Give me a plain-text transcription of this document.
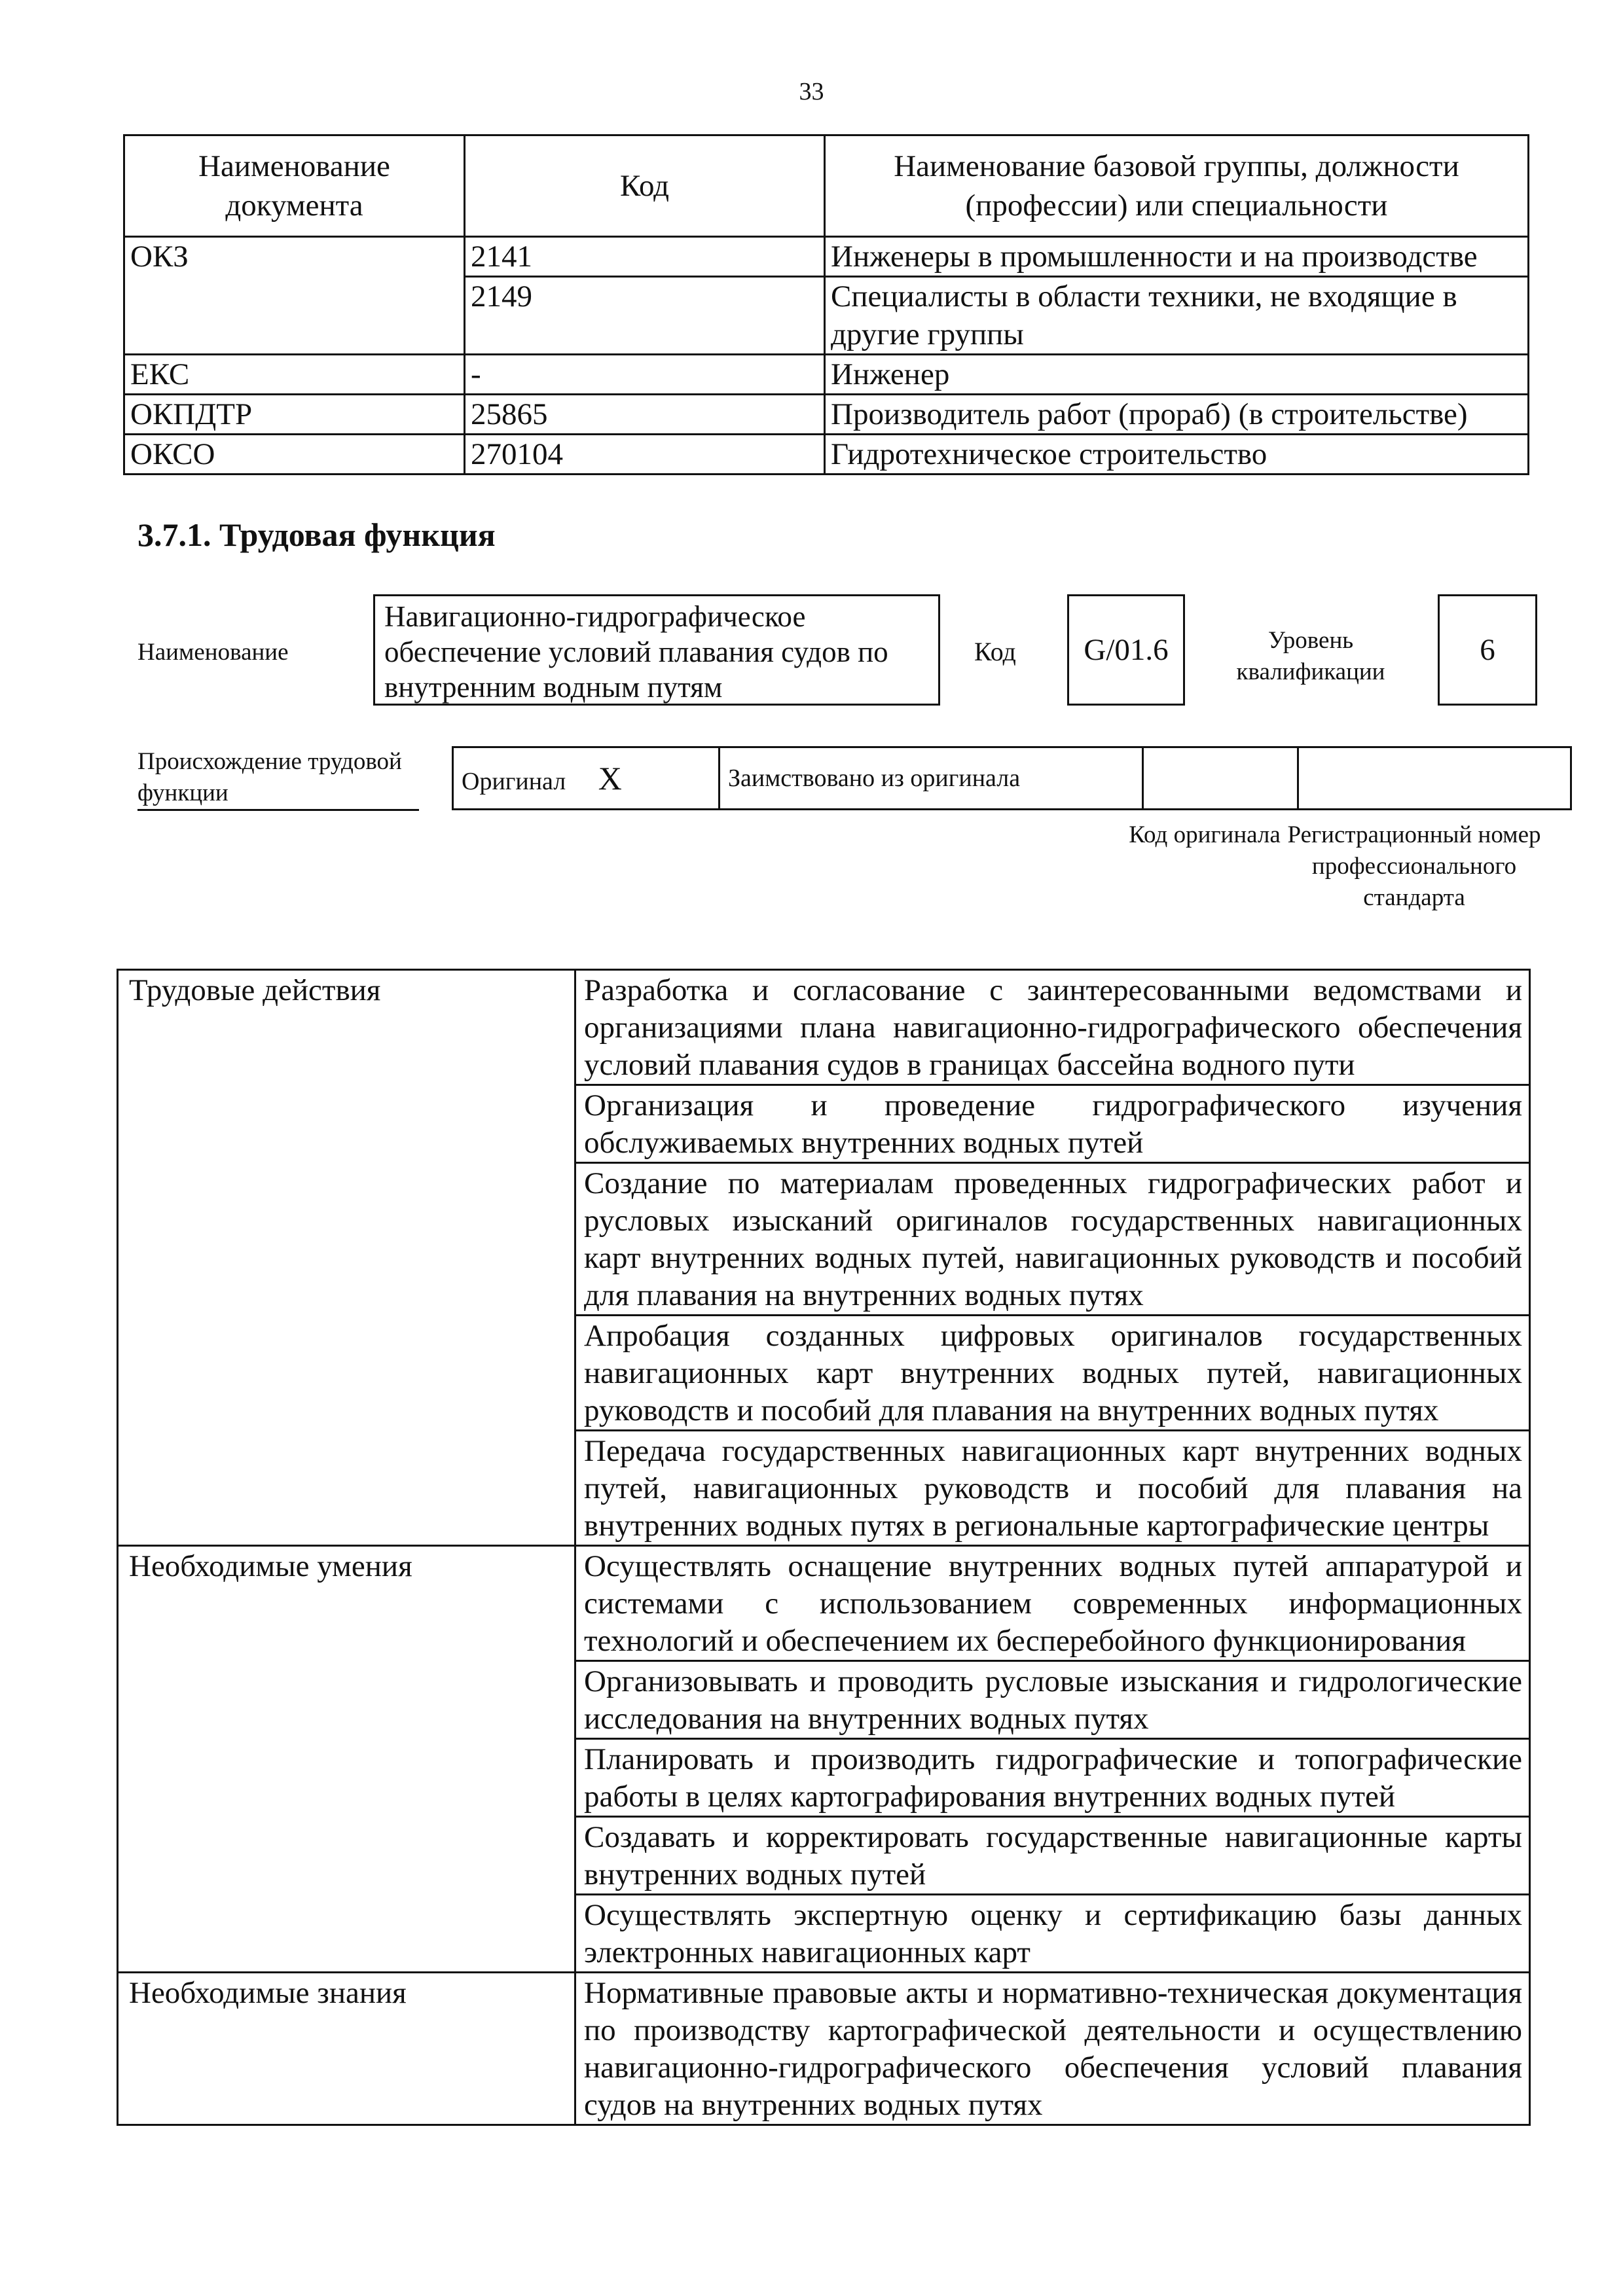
33
Наименование документа	Код	Наименование базовой группы, должности (профессии) или специальности
ОКЗ	2141	Инженеры в промышленности и на производстве
	2149	Специалисты в области техники, не входящие в другие группы
ЕКС	-	Инженер
ОКПДТР	25865	Производитель работ (прораб) (в строительстве)
ОКСО	270104	Гидротехническое строительство
3.7.1. Трудовая функция
Наименование
Навигационно-гидрографическое обеспечение условий плавания судов по внутренним водным путям
Код G/01.6	Уровень квалификации
6
Происхождение трудовой функции	Оригинал X	Заимствовано из оригинала		
Код оригинала Регистрационный номер профессионального стандарта
Трудовые действия	Разработка и согласование с заинтересованными ведомствами и организациями плана навигационно-гидрографического обеспечения условий плавания судов в границах бассейна водного пути
	Организация и проведение гидрографического изучения обслуживаемых внутренних водных путей
	Создание по материалам проведенных гидрографических работ и русловых изысканий оригиналов государственных навигационных карт внутренних водных путей, навигационных руководств и пособий для плавания на внутренних водных путях
	Апробация созданных цифровых оригиналов государственных навигационных карт внутренних водных путей, навигационных руководств и пособий для плавания на внутренних водных путях
	Передача государственных навигационных карт внутренних водных путей, навигационных руководств и пособий для плавания на внутренних водных путях в региональные картографические центры
Необходимые умения	Осуществлять оснащение внутренних водных путей аппаратурой и системами с использованием современных информационных технологий и обеспечением их бесперебойного функционирования
	Организовывать и проводить русловые изыскания и гидрологические исследования на внутренних водных путях
	Планировать и производить гидрографические и топографические работы в целях картографирования внутренних водных путей
	Создавать и корректировать государственные навигационные карты внутренних водных путей
	Осуществлять экспертную оценку и сертификацию базы данных электронных навигационных карт
Необходимые знания	Нормативные правовые акты и нормативно-техническая документация по производству картографической деятельности и осуществлению навигационно-гидрографического обеспечения условий плавания судов на внутренних водных путях
